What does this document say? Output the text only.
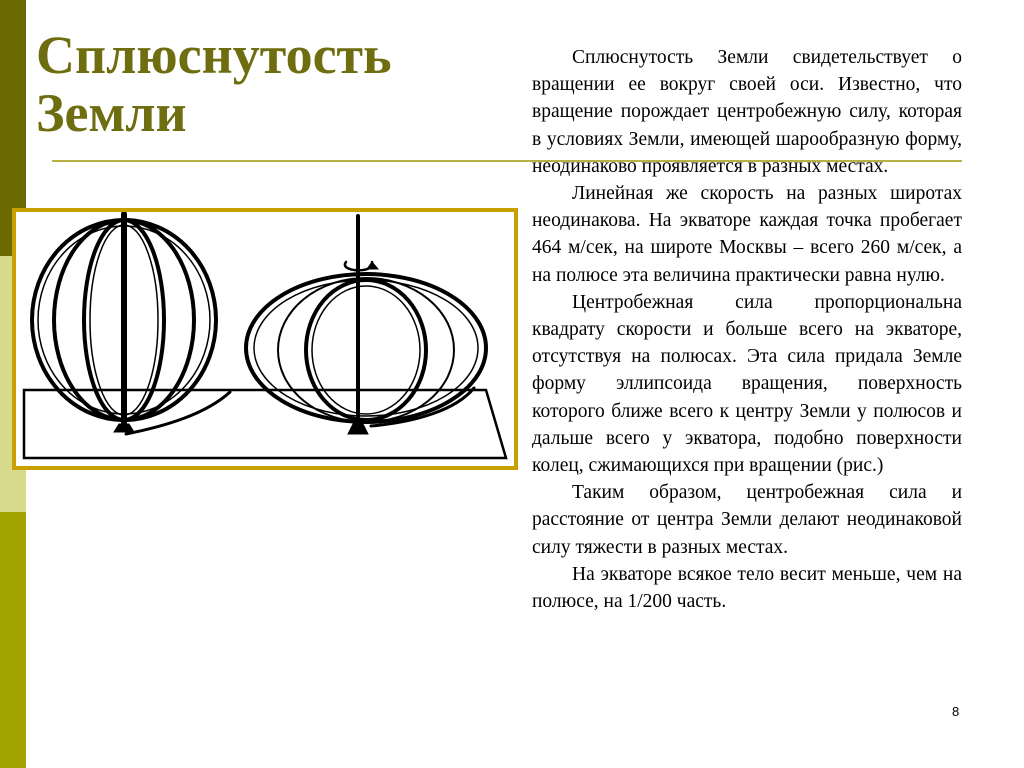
Сплюснутость Земли

Сплюснутость Земли свидетельствует о вращении ее вокруг своей оси. Известно, что вращение порождает центробежную силу, которая в условиях Земли, имеющей шарообразную форму, неодинаково проявляется в разных местах.

Линейная же скорость на разных широтах неодинакова. На экваторе каждая точка пробегает 464 м/сек, на широте Москвы – всего 260 м/сек, а на полюсе эта величина практически равна нулю.

Центробежная сила пропорциональна квадрату скорости и больше всего на экваторе, отсутствуя на полюсах. Эта сила придала Земле форму эллипсоида вращения, поверхность которого ближе всего к центру Земли у полюсов и дальше всего у экватора, подобно поверхности колец, сжимающихся при вращении (рис.)

Таким образом, центробежная сила и расстояние от центра Земли делают неодинаковой силу тяжести в разных местах.

На экваторе всякое тело весит меньше, чем на полюсе, на 1/200 часть.

8
